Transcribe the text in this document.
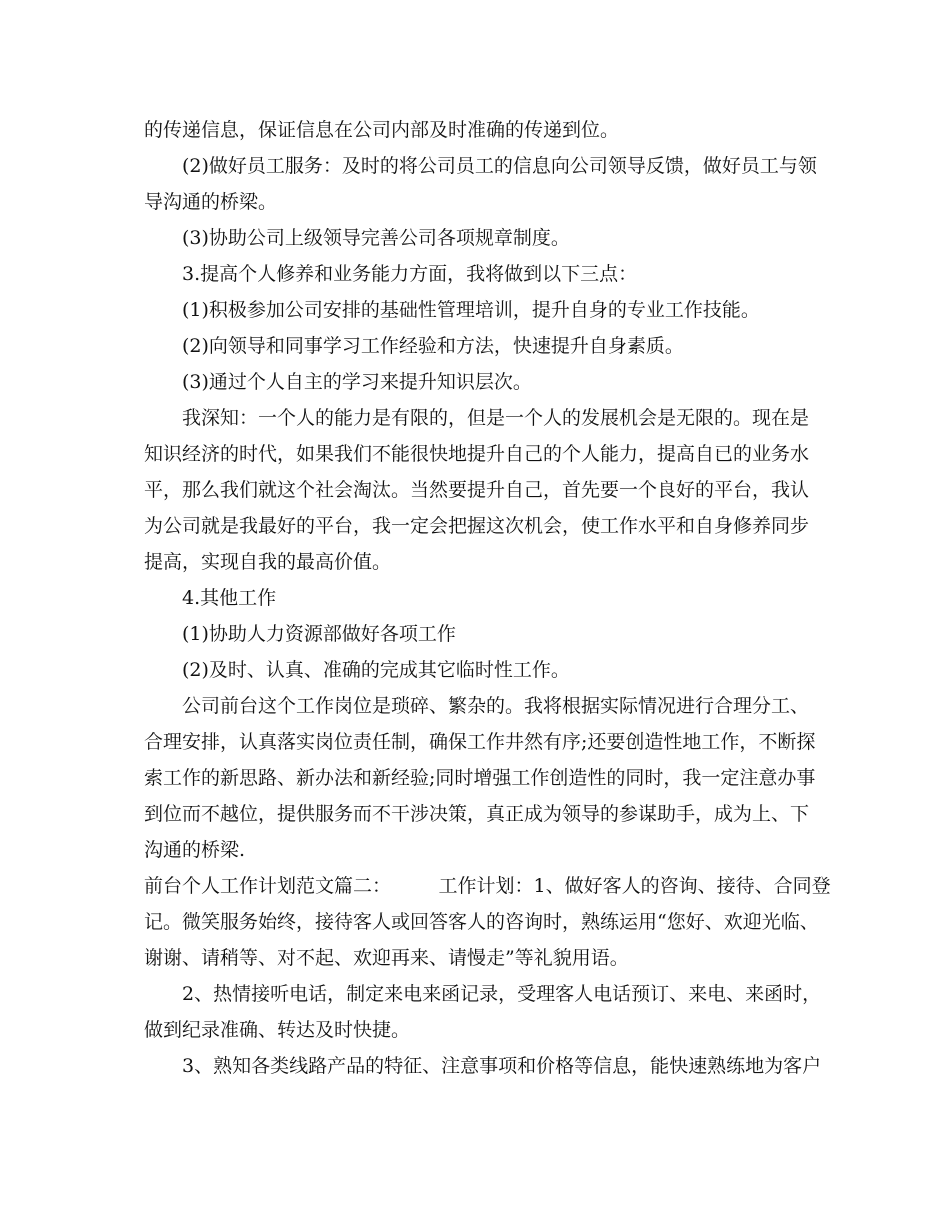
的传递信息，保证信息在公司内部及时准确的传递到位。
(2)做好员工服务：及时的将公司员工的信息向公司领导反馈，做好员工与领
导沟通的桥梁。
(3)协助公司上级领导完善公司各项规章制度。
3.提高个人修养和业务能力方面，我将做到以下三点：
(1)积极参加公司安排的基础性管理培训，提升自身的专业工作技能。
(2)向领导和同事学习工作经验和方法，快速提升自身素质。
(3)通过个人自主的学习来提升知识层次。
我深知：一个人的能力是有限的，但是一个人的发展机会是无限的。现在是
知识经济的时代，如果我们不能很快地提升自己的个人能力，提高自已的业务水
平，那么我们就这个社会淘汰。当然要提升自己，首先要一个良好的平台，我认
为公司就是我最好的平台，我一定会把握这次机会，使工作水平和自身修养同步
提高，实现自我的最高价值。
4.其他工作
(1)协助人力资源部做好各项工作
(2)及时、认真、准确的完成其它临时性工作。
公司前台这个工作岗位是琐碎、繁杂的。我将根据实际情况进行合理分工、
合理安排，认真落实岗位责任制，确保工作井然有序;还要创造性地工作，不断探
索工作的新思路、新办法和新经验;同时增强工作创造性的同时，我一定注意办事
到位而不越位，提供服务而不干涉决策，真正成为领导的参谋助手，成为上、下
沟通的桥梁.
前台个人工作计划范文篇二：　　　工作计划：1、做好客人的咨询、接待、合同登
记。微笑服务始终，接待客人或回答客人的咨询时，熟练运用“您好、欢迎光临、
谢谢、请稍等、对不起、欢迎再来、请慢走”等礼貌用语。
2、热情接听电话，制定来电来函记录，受理客人电话预订、来电、来函时，
做到纪录准确、转达及时快捷。
3、熟知各类线路产品的特征、注意事项和价格等信息，能快速熟练地为客户
